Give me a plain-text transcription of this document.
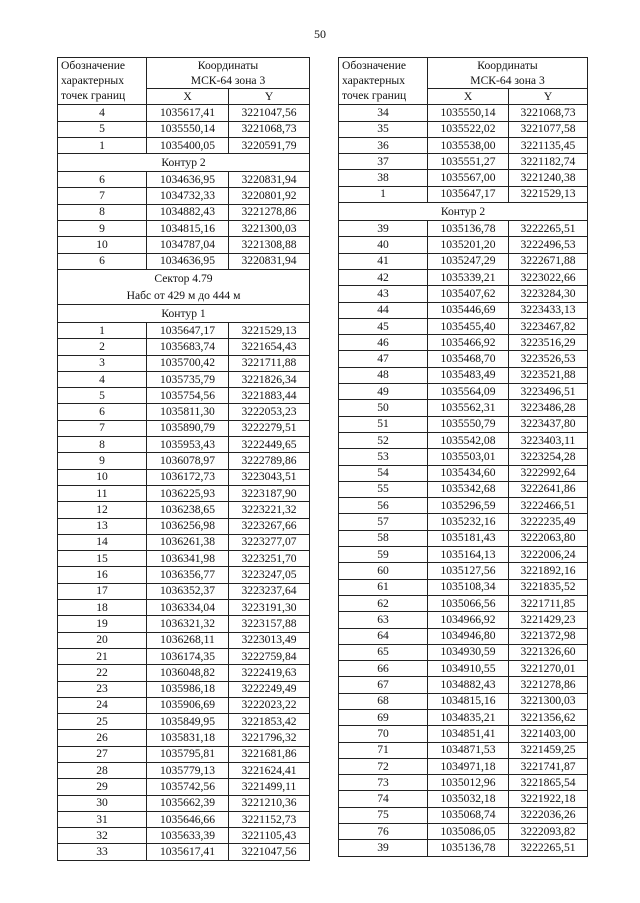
50
Обозначение характерных точек границ	Координаты
МСК-64 зона 3	
	X	Y
4	1035617,41	3221047,56
5	1035550,14	3221068,73
1	1035400,05	3220591,79
Контур 2		
6	1034636,95	3220831,94
7	1034732,33	3220801,92
8	1034882,43	3221278,86
9	1034815,16	3221300,03
10	1034787,04	3221308,88
6	1034636,95	3220831,94
Сектор 4.79
Набс от 429 м до 444 м		
Контур 1		
1	1035647,17	3221529,13
2	1035683,74	3221654,43
3	1035700,42	3221711,88
4	1035735,79	3221826,34
5	1035754,56	3221883,44
6	1035811,30	3222053,23
7	1035890,79	3222279,51
8	1035953,43	3222449,65
9	1036078,97	3222789,86
10	1036172,73	3223043,51
11	1036225,93	3223187,90
12	1036238,65	3223221,32
13	1036256,98	3223267,66
14	1036261,38	3223277,07
15	1036341,98	3223251,70
16	1036356,77	3223247,05
17	1036352,37	3223237,64
18	1036334,04	3223191,30
19	1036321,32	3223157,88
20	1036268,11	3223013,49
21	1036174,35	3222759,84
22	1036048,82	3222419,63
23	1035986,18	3222249,49
24	1035906,69	3222023,22
25	1035849,95	3221853,42
26	1035831,18	3221796,32
27	1035795,81	3221681,86
28	1035779,13	3221624,41
29	1035742,56	3221499,11
30	1035662,39	3221210,36
31	1035646,66	3221152,73
32	1035633,39	3221105,43
33	1035617,41	3221047,56
Обозначение характерных точек границ	Координаты
МСК-64 зона 3	
	X	Y
34	1035550,14	3221068,73
35	1035522,02	3221077,58
36	1035538,00	3221135,45
37	1035551,27	3221182,74
38	1035567,00	3221240,38
1	1035647,17	3221529,13
Контур 2		
39	1035136,78	3222265,51
40	1035201,20	3222496,53
41	1035247,29	3222671,88
42	1035339,21	3223022,66
43	1035407,62	3223284,30
44	1035446,69	3223433,13
45	1035455,40	3223467,82
46	1035466,92	3223516,29
47	1035468,70	3223526,53
48	1035483,49	3223521,88
49	1035564,09	3223496,51
50	1035562,31	3223486,28
51	1035550,79	3223437,80
52	1035542,08	3223403,11
53	1035503,01	3223254,28
54	1035434,60	3222992,64
55	1035342,68	3222641,86
56	1035296,59	3222466,51
57	1035232,16	3222235,49
58	1035181,43	3222063,80
59	1035164,13	3222006,24
60	1035127,56	3221892,16
61	1035108,34	3221835,52
62	1035066,56	3221711,85
63	1034966,92	3221429,23
64	1034946,80	3221372,98
65	1034930,59	3221326,60
66	1034910,55	3221270,01
67	1034882,43	3221278,86
68	1034815,16	3221300,03
69	1034835,21	3221356,62
70	1034851,41	3221403,00
71	1034871,53	3221459,25
72	1034971,18	3221741,87
73	1035012,96	3221865,54
74	1035032,18	3221922,18
75	1035068,74	3222036,26
76	1035086,05	3222093,82
39	1035136,78	3222265,51
